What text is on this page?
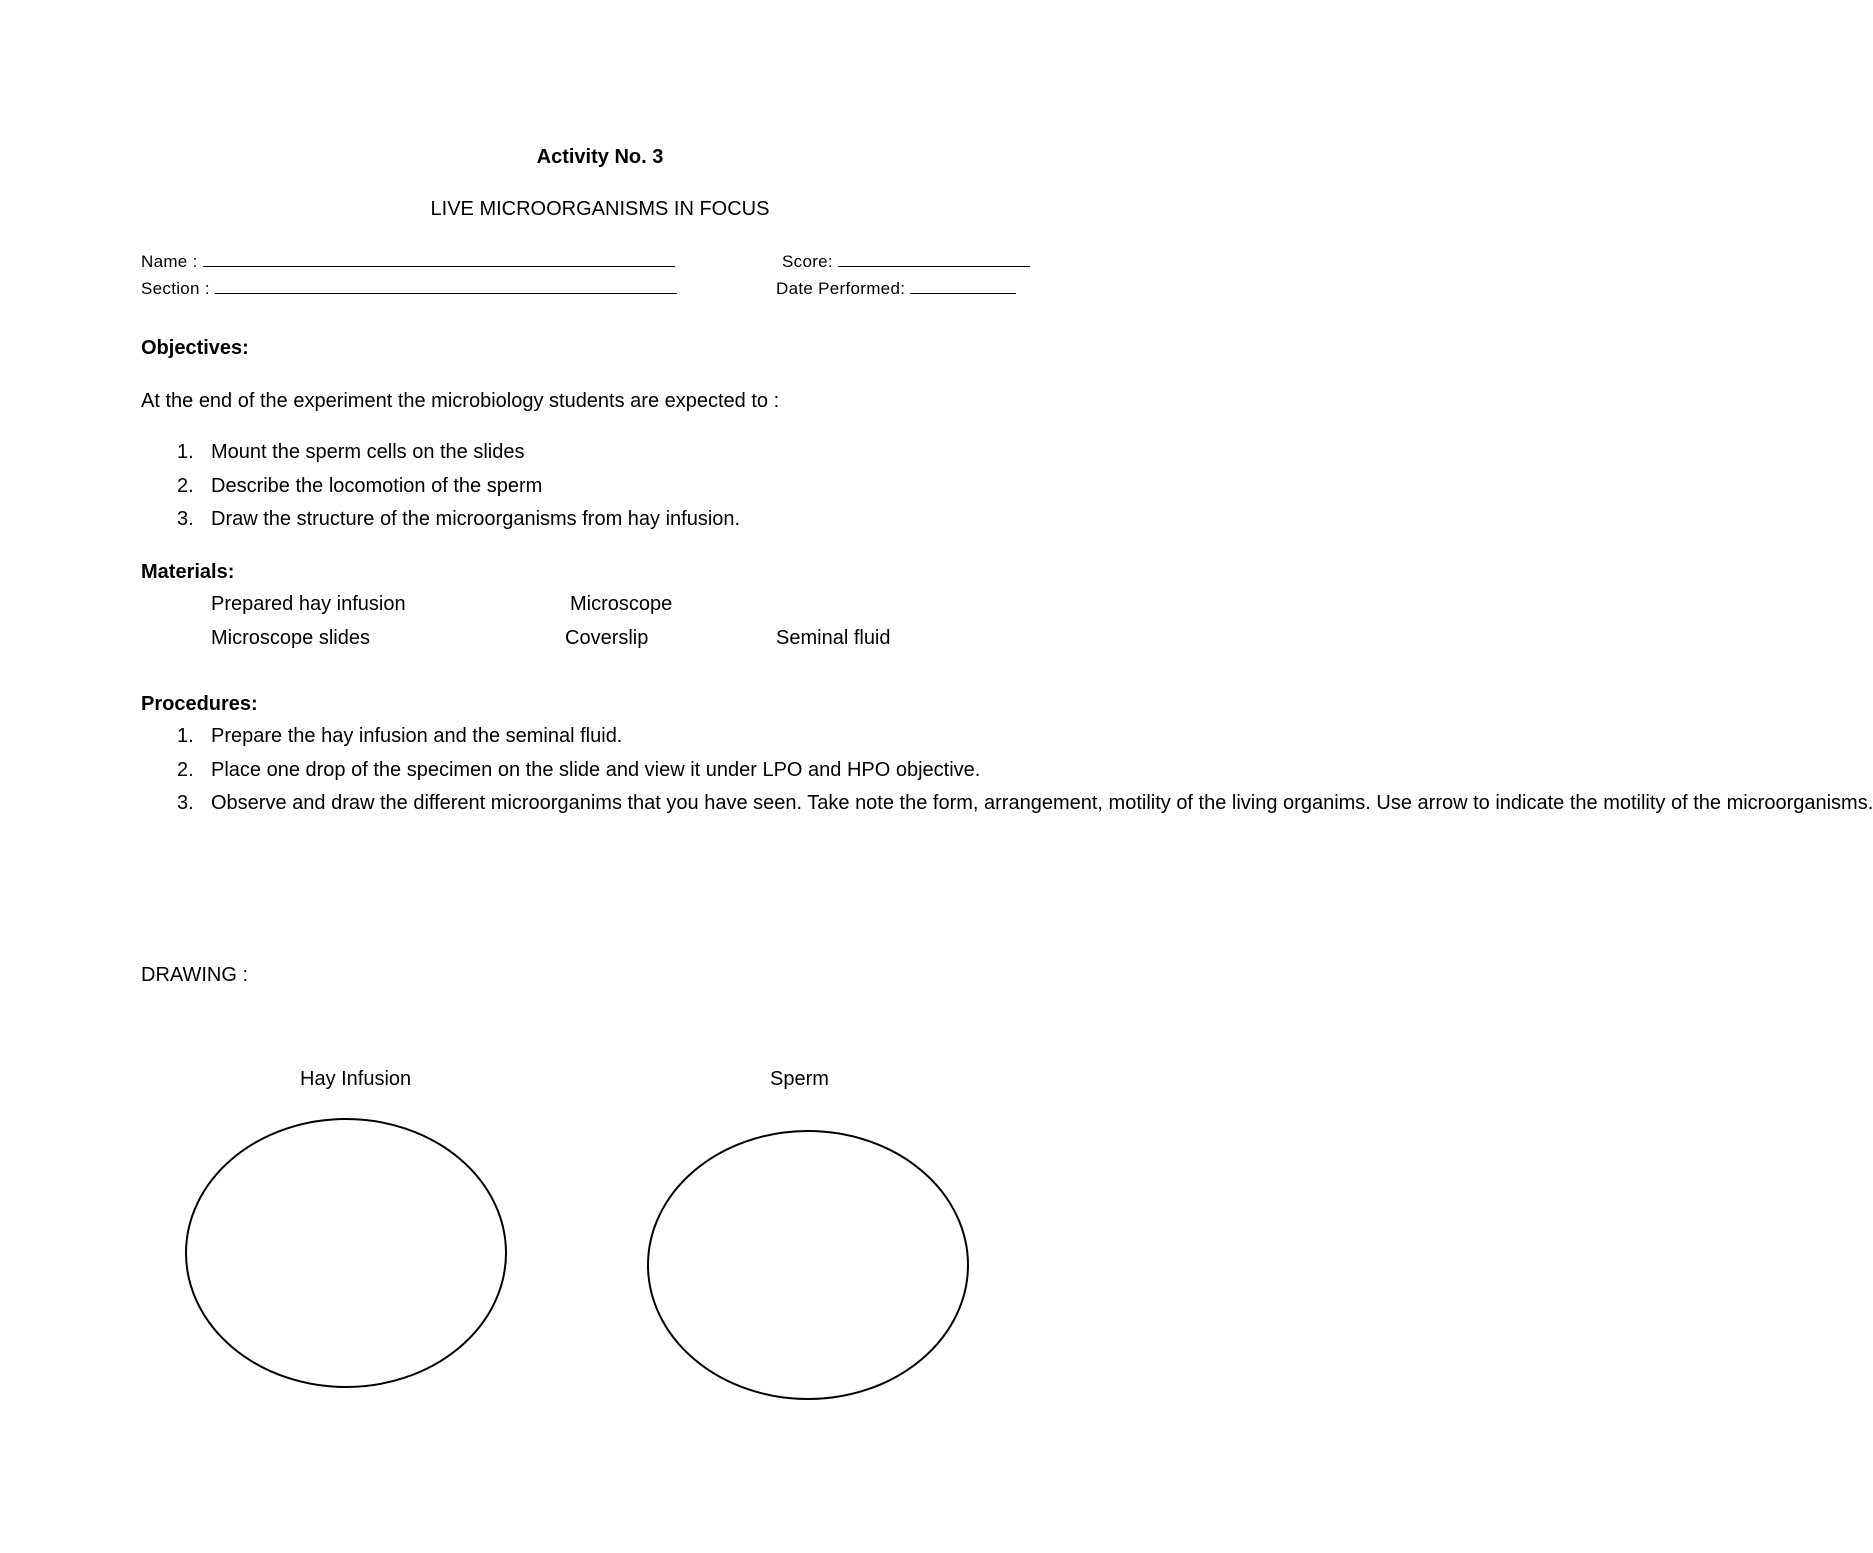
Activity No. 3
LIVE MICROORGANISMS IN FOCUS
Name :
Section :
Score:
Date Performed:
Objectives:
At the end of the experiment the microbiology students are expected to :
1. Mount the sperm cells on the slides
2. Describe the locomotion of the sperm
3. Draw the structure of the microorganisms from hay infusion.
Materials:
Prepared hay infusion	Microscope
Microscope slides	Coverslip	Seminal fluid
Procedures:
1. Prepare the hay infusion and the seminal fluid.
2. Place one drop of the specimen on the slide and view it under LPO and HPO objective.
3. Observe and draw the different microorganims that you have seen. Take note the form, arrangement, motility of the living organims. Use arrow to indicate the motility of the microorganisms.
DRAWING :
Hay Infusion	Sperm
